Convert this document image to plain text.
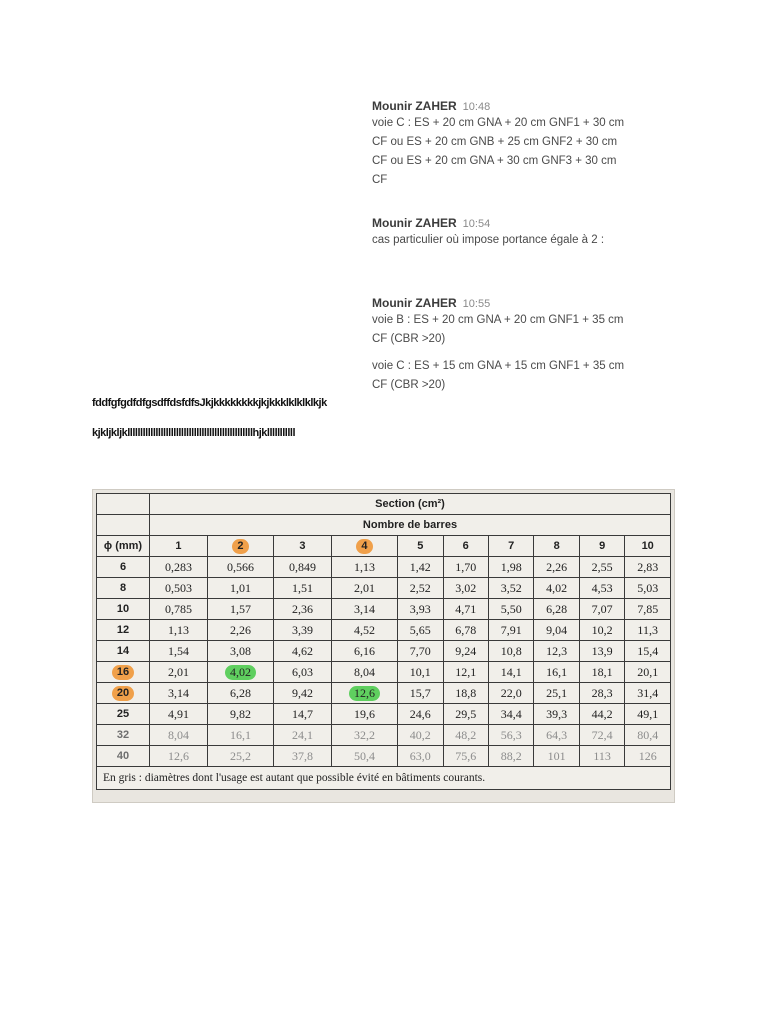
Mounir ZAHER 10:48
voie C : ES + 20 cm GNA + 20 cm GNF1 + 30 cm CF ou ES + 20 cm GNB + 25 cm GNF2 + 30 cm CF ou ES + 20 cm GNA + 30 cm GNF3 + 30 cm CF
Mounir ZAHER 10:54
cas particulier où impose portance égale à 2 :
Mounir ZAHER 10:55
voie B : ES + 20 cm GNA + 20 cm GNF1 + 35 cm CF (CBR >20)
voie C : ES + 15 cm GNA + 15 cm GNF1 + 35 cm CF (CBR >20)
fddfgfgdfdfgsdffdsfdfsJkjkkkkkkkkjkjkkklklklklkjk
kjkljkljklllllllllllllllllllllllllllllllllllllllllllllllllhjklllllllllll
	Section (cm²)									
	Nombre de barres									
ϕ (mm)	1	2	3	4	5	6	7	8	9	10
6	0,283	0,566	0,849	1,13	1,42	1,70	1,98	2,26	2,55	2,83
8	0,503	1,01	1,51	2,01	2,52	3,02	3,52	4,02	4,53	5,03
10	0,785	1,57	2,36	3,14	3,93	4,71	5,50	6,28	7,07	7,85
12	1,13	2,26	3,39	4,52	5,65	6,78	7,91	9,04	10,2	11,3
14	1,54	3,08	4,62	6,16	7,70	9,24	10,8	12,3	13,9	15,4
16	2,01	4,02	6,03	8,04	10,1	12,1	14,1	16,1	18,1	20,1
20	3,14	6,28	9,42	12,6	15,7	18,8	22,0	25,1	28,3	31,4
25	4,91	9,82	14,7	19,6	24,6	29,5	34,4	39,3	44,2	49,1
32	8,04	16,1	24,1	32,2	40,2	48,2	56,3	64,3	72,4	80,4
40	12,6	25,2	37,8	50,4	63,0	75,6	88,2	101	113	126
En gris : diamètres dont l'usage est autant que possible évité en bâtiments courants.										
